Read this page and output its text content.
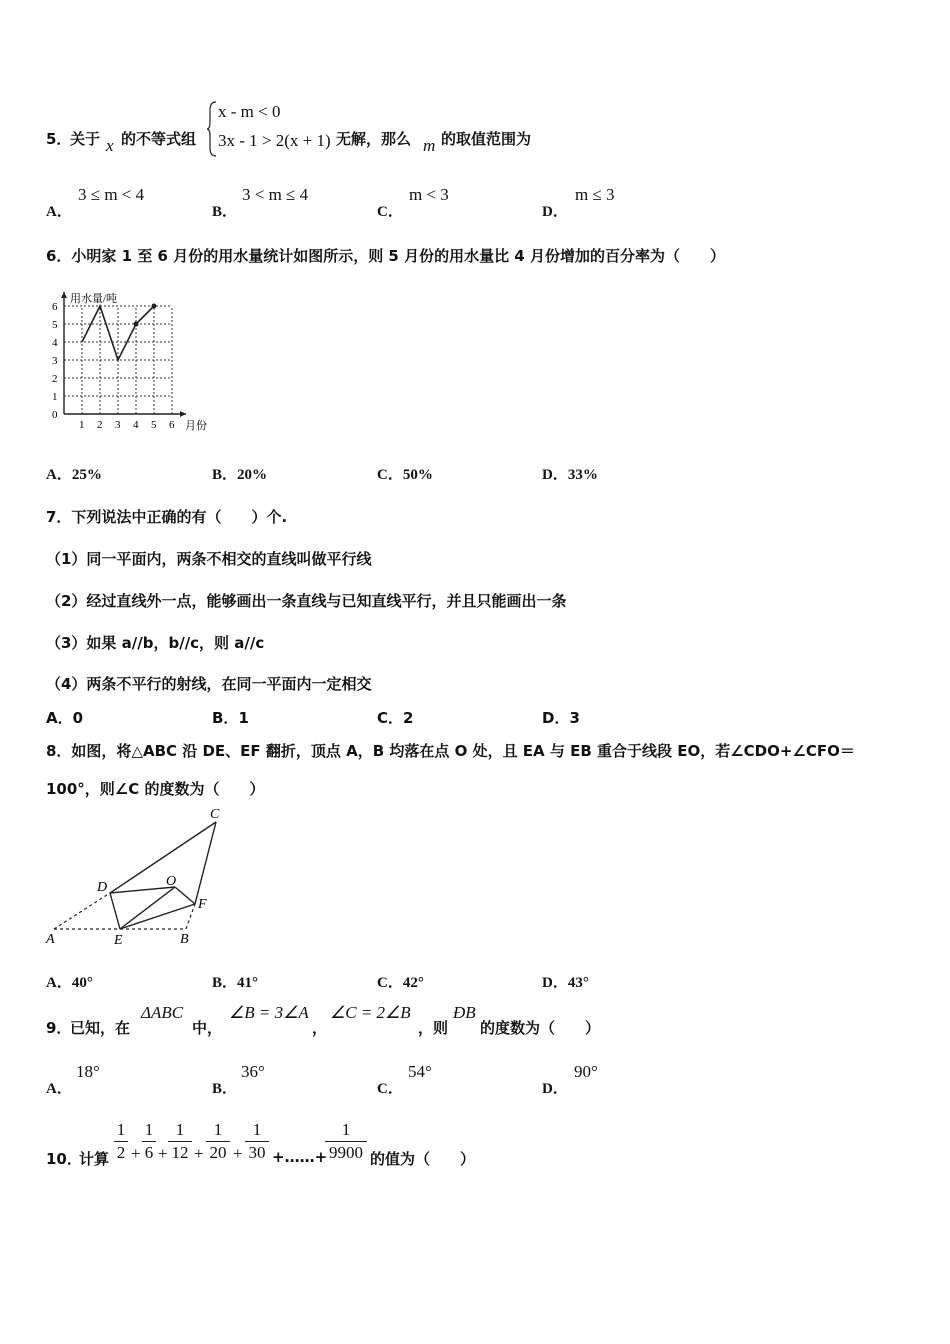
5．
关于 x 的不等式组
x - m < 0
3x - 1 > 2(x + 1) 无解，那么 m 的取值范围为
A．
3 ≤ m < 4
B．
3 < m ≤ 4
C．
m < 3
D．
m ≤ 3
6．小明家 1 至 6 月份的用水量统计如图所示，则 5 月份的用水量比 4 月份增加的百分率为（　　）
0
1
2
3
4
5
6
1 2 3 4 5 6
用水量/吨
月份
A．25%	B．20%	C．50%	D．33%
7．下列说法中正确的有（　　）个.
（1）同一平面内，两条不相交的直线叫做平行线
（2）经过直线外一点，能够画出一条直线与已知直线平行，并且只能画出一条
（3）如果 a//b，b//c，则 a//c
（4）两条不平行的射线，在同一平面内一定相交
A．0	B．1	C．2	D．3
8．如图，将△ABC 沿 DE、EF 翻折，顶点 A，B 均落在点 O 处，且 EA 与 EB 重合于线段 EO，若∠CDO+∠CFO＝
100°，则∠C 的度数为（　　）
C
D	O
F
A	E	B
A．40°	B．41°	C．42°	D．43°
9．
已知，在
ΔABC
中，
∠B = 3∠A
，
∠C = 2∠B
，则
ÐB
的度数为（　　）
A．
18°
B．
36°
C．
54°
D．
90°
10．
计算
1
2 +
1
6 +
1
12 +
1
20 +
1
30 +……+
1
9900 的值为（　　）
